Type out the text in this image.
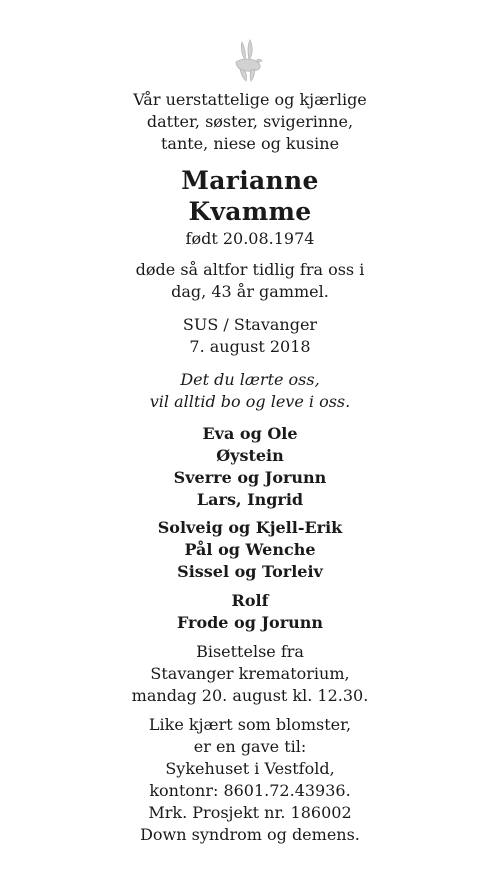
Vår uerstattelige og kjærlige
datter, søster, svigerinne,
tante, niese og kusine
Marianne
Kvamme
født 20.08.1974
døde så altfor tidlig fra oss i
dag, 43 år gammel.
SUS / Stavanger
7. august 2018
Det du lærte oss,
vil alltid bo og leve i oss.
Eva og Ole
Øystein
Sverre og Jorunn
Lars, Ingrid
Solveig og Kjell-Erik
Pål og Wenche
Sissel og Torleiv
Rolf
Frode og Jorunn
Bisettelse fra
Stavanger krematorium,
mandag 20. august kl. 12.30.
Like kjært som blomster,
er en gave til:
Sykehuset i Vestfold,
kontonr: 8601.72.43936.
Mrk. Prosjekt nr. 186002
Down syndrom og demens.
